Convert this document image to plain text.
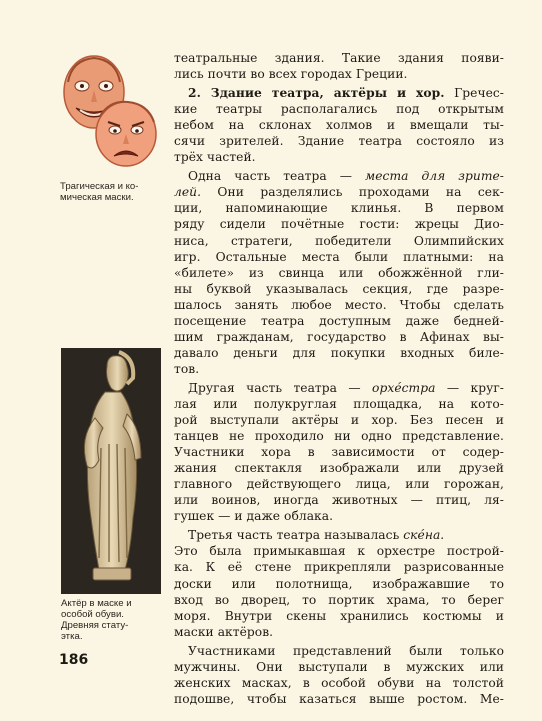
Трагическая и ко-
мическая маски.
Актёр в маске и
особой обуви.
Древняя стату-
этка.
театральные здания. Такие здания появи-
лись почти во всех городах Греции.
2. Здание театра, актёры и хор. Гречес-
кие театры располагались под открытым
небом на склонах холмов и вмещали ты-
сячи зрителей. Здание театра состояло из
трёх частей.
Одна часть театра — места для зрите-
лей. Они разделялись проходами на сек-
ции, напоминающие клинья. В первом
ряду сидели почётные гости: жрецы Дио-
ниса, стратеги, победители Олимпийских
игр. Остальные места были платными: на
«билете» из свинца или обожжённой гли-
ны буквой указывалась секция, где разре-
шалось занять любое место. Чтобы сделать
посещение театра доступным даже бедней-
шим гражданам, государство в Афинах вы-
давало деньги для покупки входных биле-
тов.
Другая часть театра — орхéстра — круг-
лая или полукруглая площадка, на кото-
рой выступали актёры и хор. Без песен и
танцев не проходило ни одно представление.
Участники хора в зависимости от содер-
жания спектакля изображали или друзей
главного действующего лица, или горожан,
или воинов, иногда животных — птиц, ля-
гушек — и даже облака.
Третья часть театра называлась скéна.
Это была примыкавшая к орхестре построй-
ка. К её стене прикрепляли разрисованные
доски или полотнища, изображавшие то
вход во дворец, то портик храма, то берег
моря. Внутри скены хранились костюмы и
маски актёров.
Участниками представлений были только
мужчины. Они выступали в мужских или
женских масках, в особой обуви на толстой
подошве, чтобы казаться выше ростом. Ме-
186
